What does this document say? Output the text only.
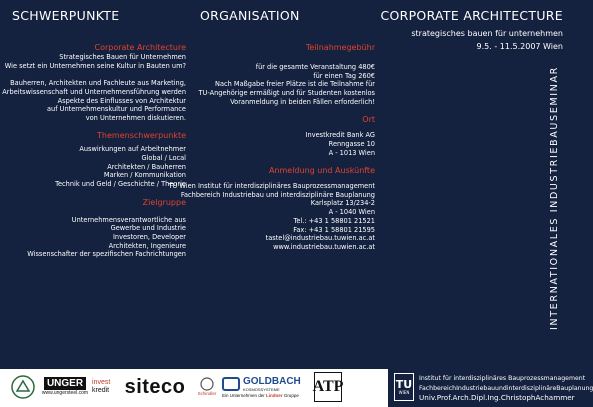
SCHWERPUNKTE	ORGANISATION	CORPORATE ARCHITECTURE
strategisches bauen für unternehmen
9.5. - 11.5.2007 Wien
INTERNATIONALES INDUSTRIEBAUSEMINAR

Corporate Architecture

Strategisches Bauen für Unternehmen

Wie setzt ein Unternehmen seine Kultur in Bauten um?

Bauherren, Architekten und Fachleute aus Marketing,

Arbeitswissenschaft und Unternehmensführung werden

Aspekte des Einflusses von Architektur

auf Unternehmenskultur und Performance

von Unternehmen diskutieren.

Themenschwerpunkte

Auswirkungen auf Arbeitnehmer

Global / Local

Architekten / Bauherren

Marken / Kommunikation

Technik und Geld / Geschichte / Theorie

Zielgruppe

Unternehmensverantwortliche aus

Gewerbe und Industrie

Investoren, Developer

Architekten, Ingenieure

Wissenschafter der spezifischen Fachrichtungen

Teilnahmegebühr

für die gesamte Veranstaltung 480€

für einen Tag 260€

Nach Maßgabe freier Plätze ist die Teilnahme für

TU-Angehörige ermäßigt und für Studenten kostenlos

Voranmeldung in beiden Fällen erforderlich!

Ort

Investkredit Bank AG

Renngasse 10

A - 1013 Wien

Anmeldung und Auskünfte

TU Wien Institut für interdisziplinäres Bauprozessmanagement

Fachbereich Industriebau und interdisziplinäre Bauplanung

Karlsplatz 13/234-2

A - 1040 Wien

Tel.: +43 1 58801 21521

Fax: +43 1 58801 21595

tastel@industriebau.tuwien.ac.at

www.industriebau.tuwien.ac.at

UNGER
www.ungersteel.com
invest
kredit siteco	Schindler
GOLDBACH
KOSMOSSYSTEME
Ein Unternehmen der Lindner Gruppe ATP	TU
WIEN

Institut für interdisziplinäres Bauprozessmanagement

FachbereichIndustriebauundinterdisziplinäreBauplanung

Univ.Prof.Arch.Dipl.Ing.ChristophAchammer
